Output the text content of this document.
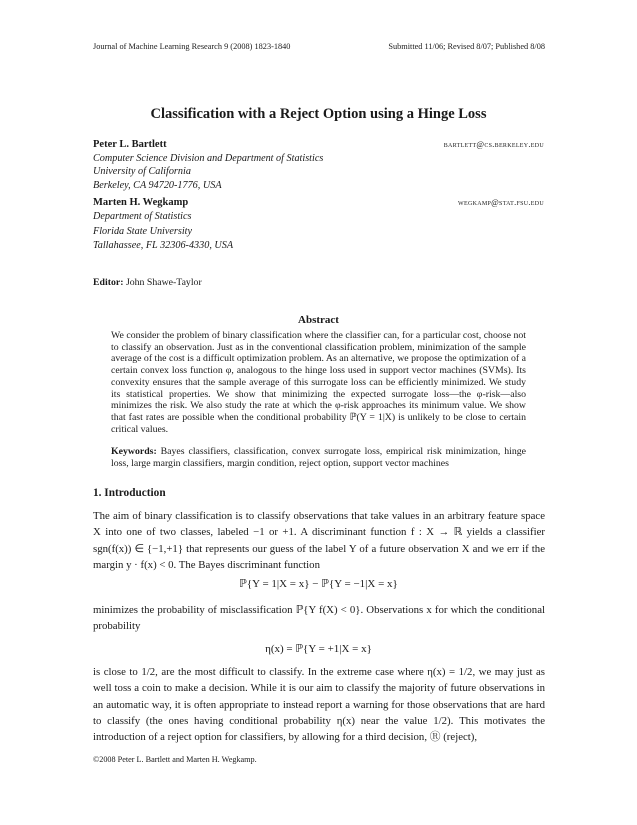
Journal of Machine Learning Research 9 (2008) 1823-1840	Submitted 11/06; Revised 8/07; Published 8/08
Classification with a Reject Option using a Hinge Loss
Peter L. Bartlett	bartlett@cs.berkeley.edu
Computer Science Division and Department of Statistics
University of California
Berkeley, CA 94720-1776, USA
Marten H. Wegkamp	wegkamp@stat.fsu.edu
Department of Statistics
Florida State University
Tallahassee, FL 32306-4330, USA
Editor: John Shawe-Taylor
Abstract
We consider the problem of binary classification where the classifier can, for a particular cost, choose not to classify an observation. Just as in the conventional classification problem, minimization of the sample average of the cost is a difficult optimization problem. As an alternative, we propose the optimization of a certain convex loss function φ, analogous to the hinge loss used in support vector machines (SVMs). Its convexity ensures that the sample average of this surrogate loss can be efficiently minimized. We study its statistical properties. We show that minimizing the expected surrogate loss—the φ-risk—also minimizes the risk. We also study the rate at which the φ-risk approaches its minimum value. We show that fast rates are possible when the conditional probability ℙ(Y = 1|X) is unlikely to be close to certain critical values.
Keywords: Bayes classifiers, classification, convex surrogate loss, empirical risk minimization, hinge loss, large margin classifiers, margin condition, reject option, support vector machines
1. Introduction
The aim of binary classification is to classify observations that take values in an arbitrary feature space X into one of two classes, labeled −1 or +1. A discriminant function f : X → ℝ yields a classifier sgn(f(x)) ∈ {−1,+1} that represents our guess of the label Y of a future observation X and we err if the margin y · f(x) < 0. The Bayes discriminant function
ℙ{Y = 1|X = x} − ℙ{Y = −1|X = x}
minimizes the probability of misclassification ℙ{Y f(X) < 0}. Observations x for which the conditional probability
η(x) = ℙ{Y = +1|X = x}
is close to 1/2, are the most difficult to classify. In the extreme case where η(x) = 1/2, we may just as well toss a coin to make a decision. While it is our aim to classify the majority of future observations in an automatic way, it is often appropriate to instead report a warning for those observations that are hard to classify (the ones having conditional probability η(x) near the value 1/2). This motivates the introduction of a reject option for classifiers, by allowing for a third decision, Ⓡ (reject),
©2008 Peter L. Bartlett and Marten H. Wegkamp.
